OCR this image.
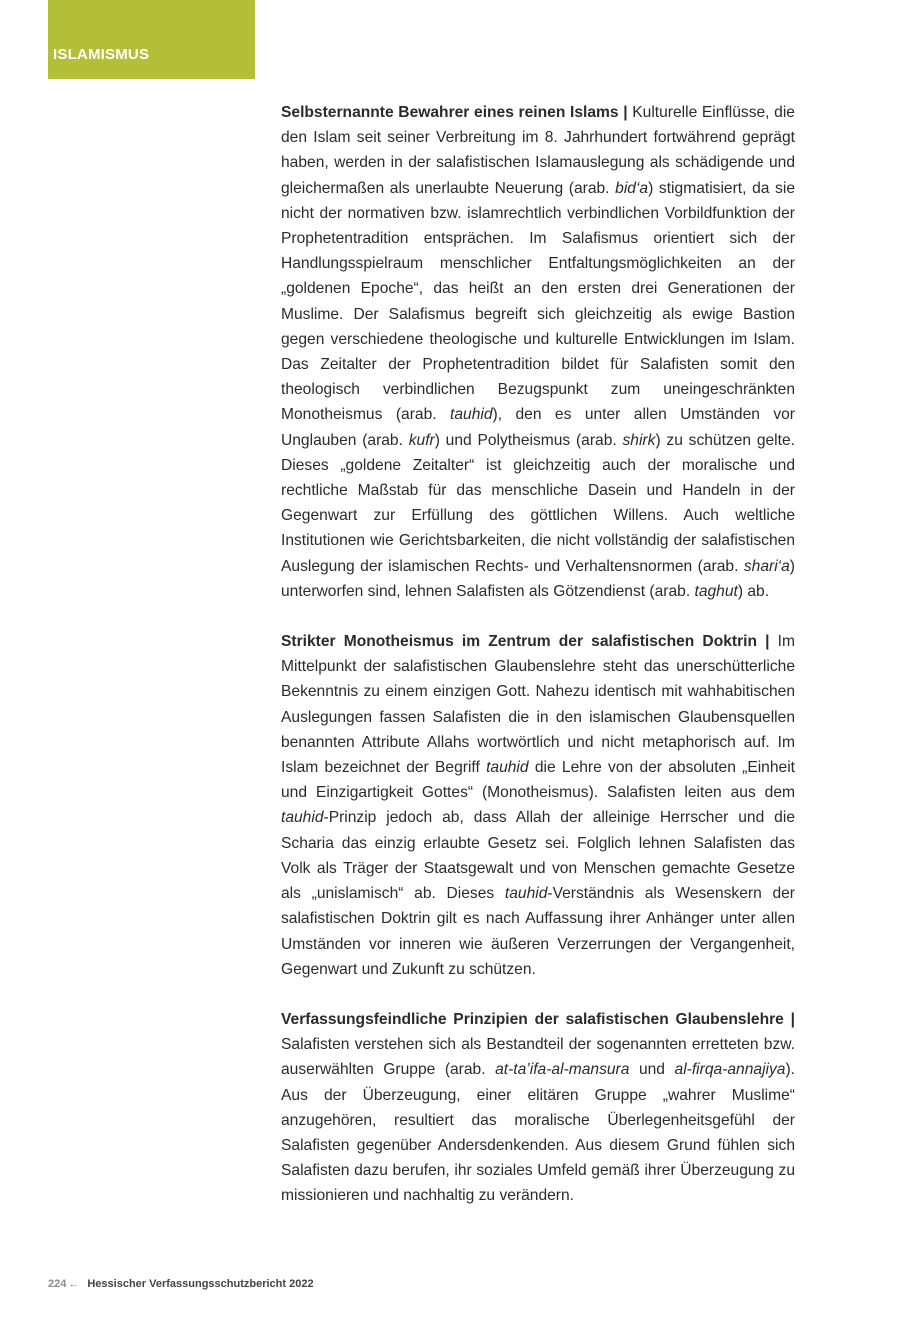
ISLAMISMUS

Selbsternannte Bewahrer eines reinen Islams | Kulturelle Einflüsse, die den Islam seit seiner Verbreitung im 8. Jahrhundert fortwährend geprägt haben, werden in der salafistischen Islamauslegung als schädigende und gleichermaßen als unerlaubte Neuerung (arab. bid‘a) stigmatisiert, da sie nicht der normativen bzw. islamrechtlich verbindlichen Vorbildfunktion der Prophetentradition entsprächen. Im Salafismus orientiert sich der Handlungsspielraum menschlicher Entfaltungsmöglichkeiten an der „goldenen Epoche“, das heißt an den ersten drei Generationen der Muslime. Der Salafismus begreift sich gleichzeitig als ewige Bastion gegen verschiedene theologische und kulturelle Entwicklungen im Islam. Das Zeitalter der Prophetentradition bildet für Salafisten somit den theologisch verbindlichen Bezugspunkt zum uneingeschränkten Monotheismus (arab. tauhid), den es unter allen Umständen vor Unglauben (arab. kufr) und Polytheismus (arab. shirk) zu schützen gelte. Dieses „goldene Zeitalter“ ist gleichzeitig auch der moralische und rechtliche Maßstab für das menschliche Dasein und Handeln in der Gegenwart zur Erfüllung des göttlichen Willens. Auch weltliche Institutionen wie Gerichtsbarkeiten, die nicht vollständig der salafistischen Auslegung der islamischen Rechts- und Verhaltensnormen (arab. shari‘a) unterworfen sind, lehnen Salafisten als Götzendienst (arab. taghut) ab.

Strikter Monotheismus im Zentrum der salafistischen Doktrin | Im Mittelpunkt der salafistischen Glaubenslehre steht das unerschütterliche Bekenntnis zu einem einzigen Gott. Nahezu identisch mit wahhabitischen Auslegungen fassen Salafisten die in den islamischen Glaubensquellen benannten Attribute Allahs wortwörtlich und nicht metaphorisch auf. Im Islam bezeichnet der Begriff tauhid die Lehre von der absoluten „Einheit und Einzigartigkeit Gottes“ (Monotheismus). Salafisten leiten aus dem tauhid-Prinzip jedoch ab, dass Allah der alleinige Herrscher und die Scharia das einzig erlaubte Gesetz sei. Folglich lehnen Salafisten das Volk als Träger der Staatsgewalt und von Menschen gemachte Gesetze als „unislamisch“ ab. Dieses tauhid-Verständnis als Wesenskern der salafistischen Doktrin gilt es nach Auffassung ihrer Anhänger unter allen Umständen vor inneren wie äußeren Verzerrungen der Vergangenheit, Gegenwart und Zukunft zu schützen.

Verfassungsfeindliche Prinzipien der salafistischen Glaubenslehre | Salafisten verstehen sich als Bestandteil der sogenannten erretteten bzw. auserwählten Gruppe (arab. at-ta’ifa-al-mansura und al-firqa-annajiya). Aus der Überzeugung, einer elitären Gruppe „wahrer Muslime“ anzugehören, resultiert das moralische Überlegenheitsgefühl der Salafisten gegenüber Andersdenkenden. Aus diesem Grund fühlen sich Salafisten dazu berufen, ihr soziales Umfeld gemäß ihrer Überzeugung zu missionieren und nachhaltig zu verändern.

224 ← Hessischer Verfassungsschutzbericht 2022
